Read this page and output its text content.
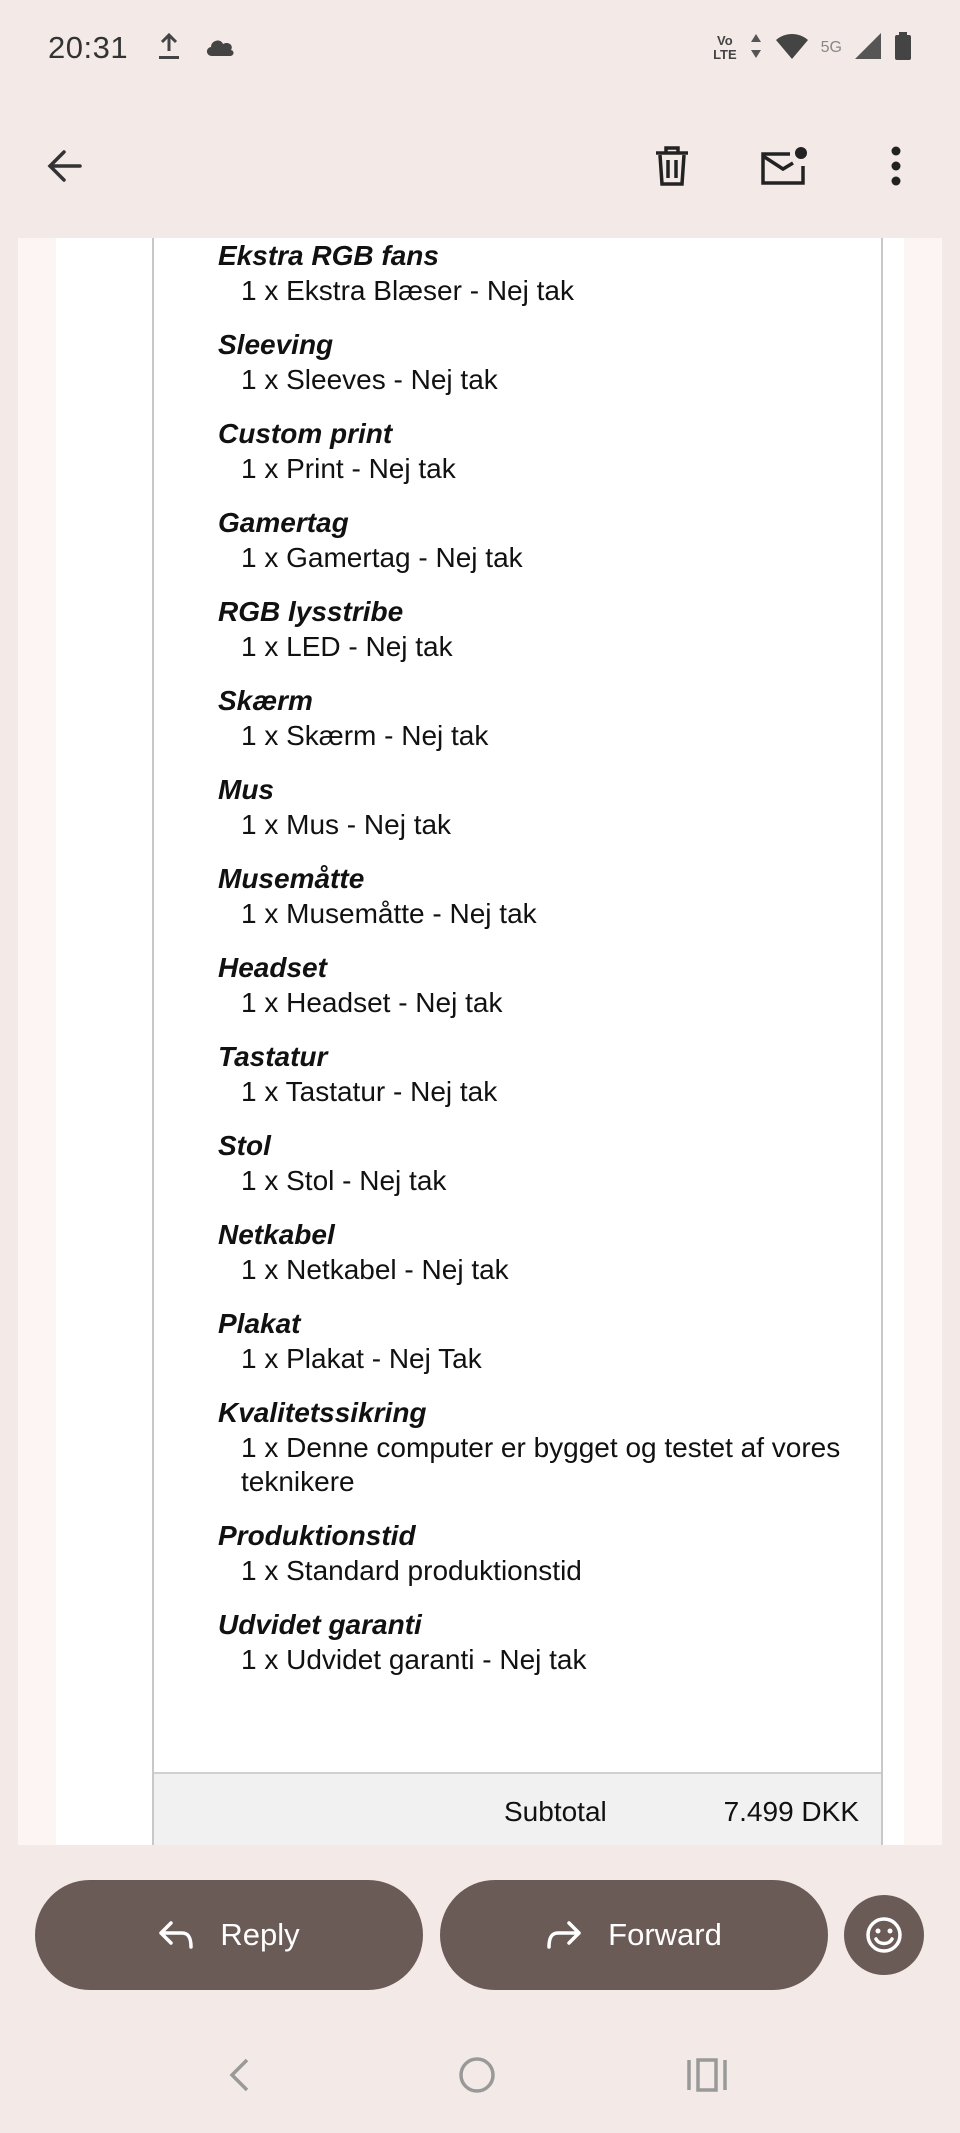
20:31	Vo
LTE	5G
Ekstra RGB fans
1 x Ekstra Blæser - Nej tak
Sleeving
1 x Sleeves - Nej tak
Custom print
1 x Print - Nej tak
Gamertag
1 x Gamertag - Nej tak
RGB lysstribe
1 x LED - Nej tak
Skærm
1 x Skærm - Nej tak
Mus
1 x Mus - Nej tak
Musemåtte
1 x Musemåtte - Nej tak
Headset
1 x Headset - Nej tak
Tastatur
1 x Tastatur - Nej tak
Stol
1 x Stol - Nej tak
Netkabel
1 x Netkabel - Nej tak
Plakat
1 x Plakat - Nej Tak
Kvalitetssikring
1 x Denne computer er bygget og testet af vores teknikere
Produktionstid
1 x Standard produktionstid
Udvidet garanti
1 x Udvidet garanti - Nej tak
Subtotal	7.499 DKK
Reply	Forward
